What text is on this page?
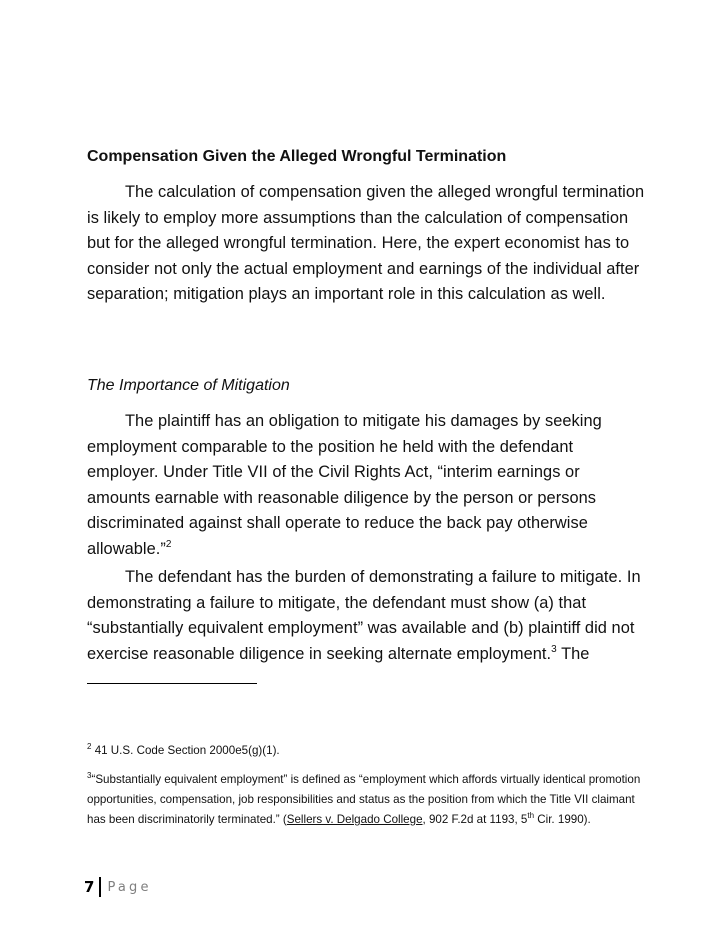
Compensation Given the Alleged Wrongful Termination

The calculation of compensation given the alleged wrongful termination is likely to employ more assumptions than the calculation of compensation but for the alleged wrongful termination. Here, the expert economist has to consider not only the actual employment and earnings of the individual after separation; mitigation plays an important role in this calculation as well.

The Importance of Mitigation

The plaintiff has an obligation to mitigate his damages by seeking employment comparable to the position he held with the defendant employer. Under Title VII of the Civil Rights Act, “interim earnings or amounts earnable with reasonable diligence by the person or persons discriminated against shall operate to reduce the back pay otherwise allowable.”$^2$

The defendant has the burden of demonstrating a failure to mitigate. In demonstrating a failure to mitigate, the defendant must show (a) that “substantially equivalent employment” was available and (b) plaintiff did not exercise reasonable diligence in seeking alternate employment.$^3$ The

$^2$ 41 U.S. Code Section 2000e5(g)(1).

$^3$“Substantially equivalent employment” is defined as “employment which affords virtually identical promotion opportunities, compensation, job responsibilities and status as the position from which the Title VII claimant has been discriminatorily terminated.” (Sellers v. Delgado College, 902 F.2d at 1193, 5th Cir. 1990).

7 Page
